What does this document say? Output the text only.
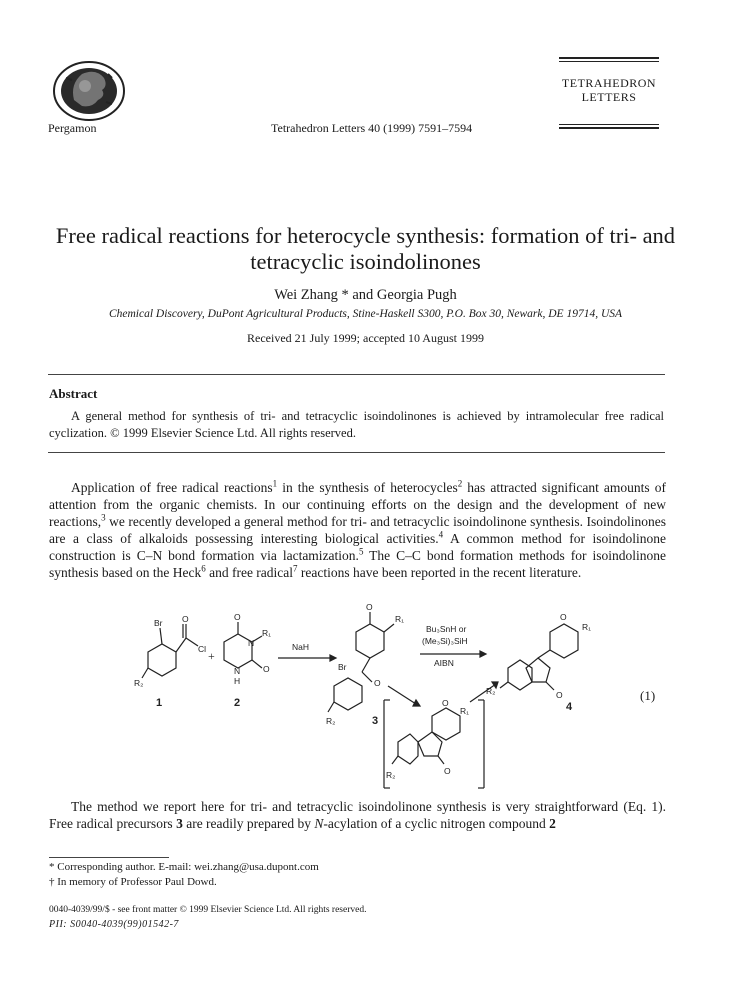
Pergamon	Tetrahedron Letters 40 (1999) 7591–7594
TETRAHEDRON
LETTERS
Free radical reactions for heterocycle synthesis: formation of tri- and tetracyclic isoindolinones
Wei Zhang * and Georgia Pugh
Chemical Discovery, DuPont Agricultural Products, Stine-Haskell S300, P.O. Box 30, Newark, DE 19714, USA
Received 21 July 1999; accepted 10 August 1999
Abstract
A general method for synthesis of tri- and tetracyclic isoindolinones is achieved by intramolecular free radical cyclization. © 1999 Elsevier Science Ltd. All rights reserved.

Application of free radical reactions$^1$ in the synthesis of heterocycles$^2$ has attracted significant amounts of attention from the organic chemists. In our continuing efforts on the design and the development of new reactions,$^3$ we recently developed a general method for tri- and tetracyclic isoindolinone synthesis. Isoindolinones are a class of alkaloids possessing interesting biological activities.$^4$ A common method for isoindolinone construction is C–N bond formation via lactamization.$^5$ The C–C bond formation methods for isoindolinone synthesis based on the Heck$^6$ and free radical$^7$ reactions have been reported in the recent literature.

Br O
Cl
R₂
1
+
O
N
R₁
N
H
O
2
NaH
O
R₁
Br
O
R₂	3
Bu₃SnH or
(Me₃Si)₃SiH
AIBN
O
R₁
O
R₂
4
O
R₁
O
R₂
(1)

The method we report here for tri- and tetracyclic isoindolinone synthesis is very straightforward (Eq. 1). Free radical precursors 3 are readily prepared by N-acylation of a cyclic nitrogen compound 2

* Corresponding author. E-mail: wei.zhang@usa.dupont.com
† In memory of Professor Paul Dowd.
0040-4039/99/$ - see front matter © 1999 Elsevier Science Ltd. All rights reserved.
PII: S0040-4039(99)01542-7
